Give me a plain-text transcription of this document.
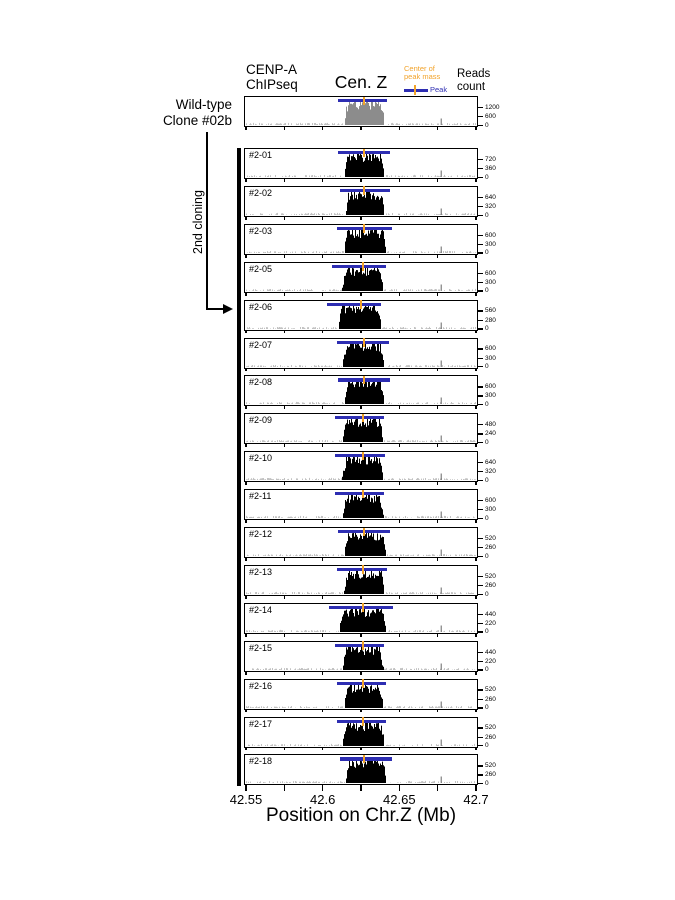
CENP-A
ChIPseq	Cen. Z
Center of
peak mass
Peak
Reads
count
Wild-type
Clone #02b
2nd cloning
1200
600
0
#2-01	720
360
0
#2-02	640
320
0
#2-03	600
300
0
#2-05	600
300
0
#2-06	560
280
0
#2-07	600
300
0
#2-08	600
300
0
#2-09	480
240
0
#2-10	640
320
0
#2-11	600
300
0
#2-12	520
260
0
#2-13	520
260
0
#2-14	440
220
0
#2-15	440
220
0
#2-16	520
260
0
#2-17	520
260
0
#2-18	520
260
0
42.55	42.6	42.65	42.7
Position on Chr.Z (Mb)
